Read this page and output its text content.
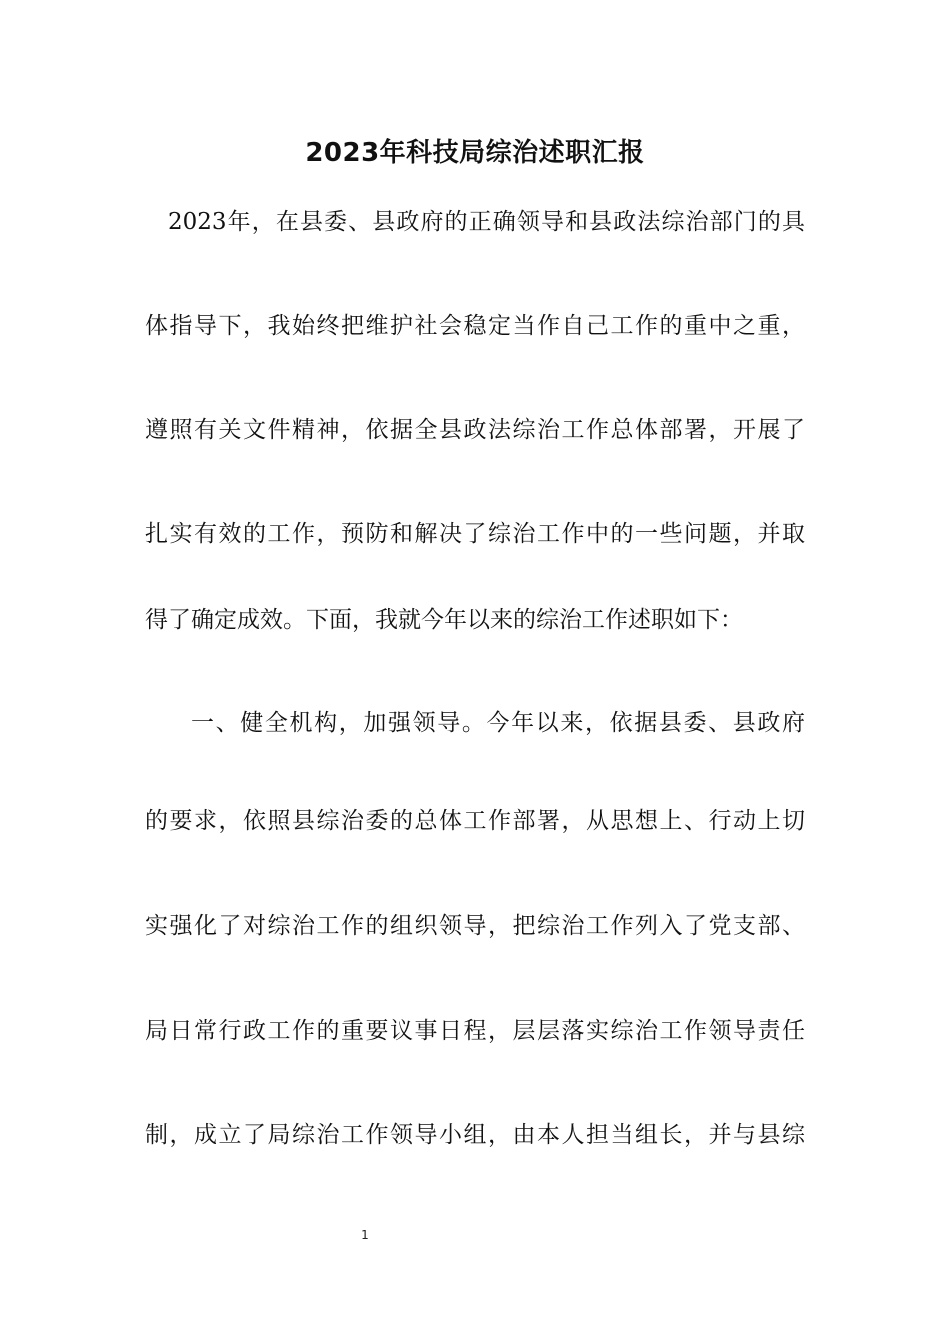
2023年科技局综治述职汇报
2023年，在县委、县政府的正确领导和县政法综治部门的具
体指导下，我始终把维护社会稳定当作自己工作的重中之重，
遵照有关文件精神，依据全县政法综治工作总体部署，开展了
扎实有效的工作，预防和解决了综治工作中的一些问题，并取
得了确定成效。下面，我就今年以来的综治工作述职如下：
一、健全机构，加强领导。今年以来，依据县委、县政府
的要求，依照县综治委的总体工作部署，从思想上、行动上切
实强化了对综治工作的组织领导，把综治工作列入了党支部、
局日常行政工作的重要议事日程，层层落实综治工作领导责任
制，成立了局综治工作领导小组，由本人担当组长，并与县综
1
